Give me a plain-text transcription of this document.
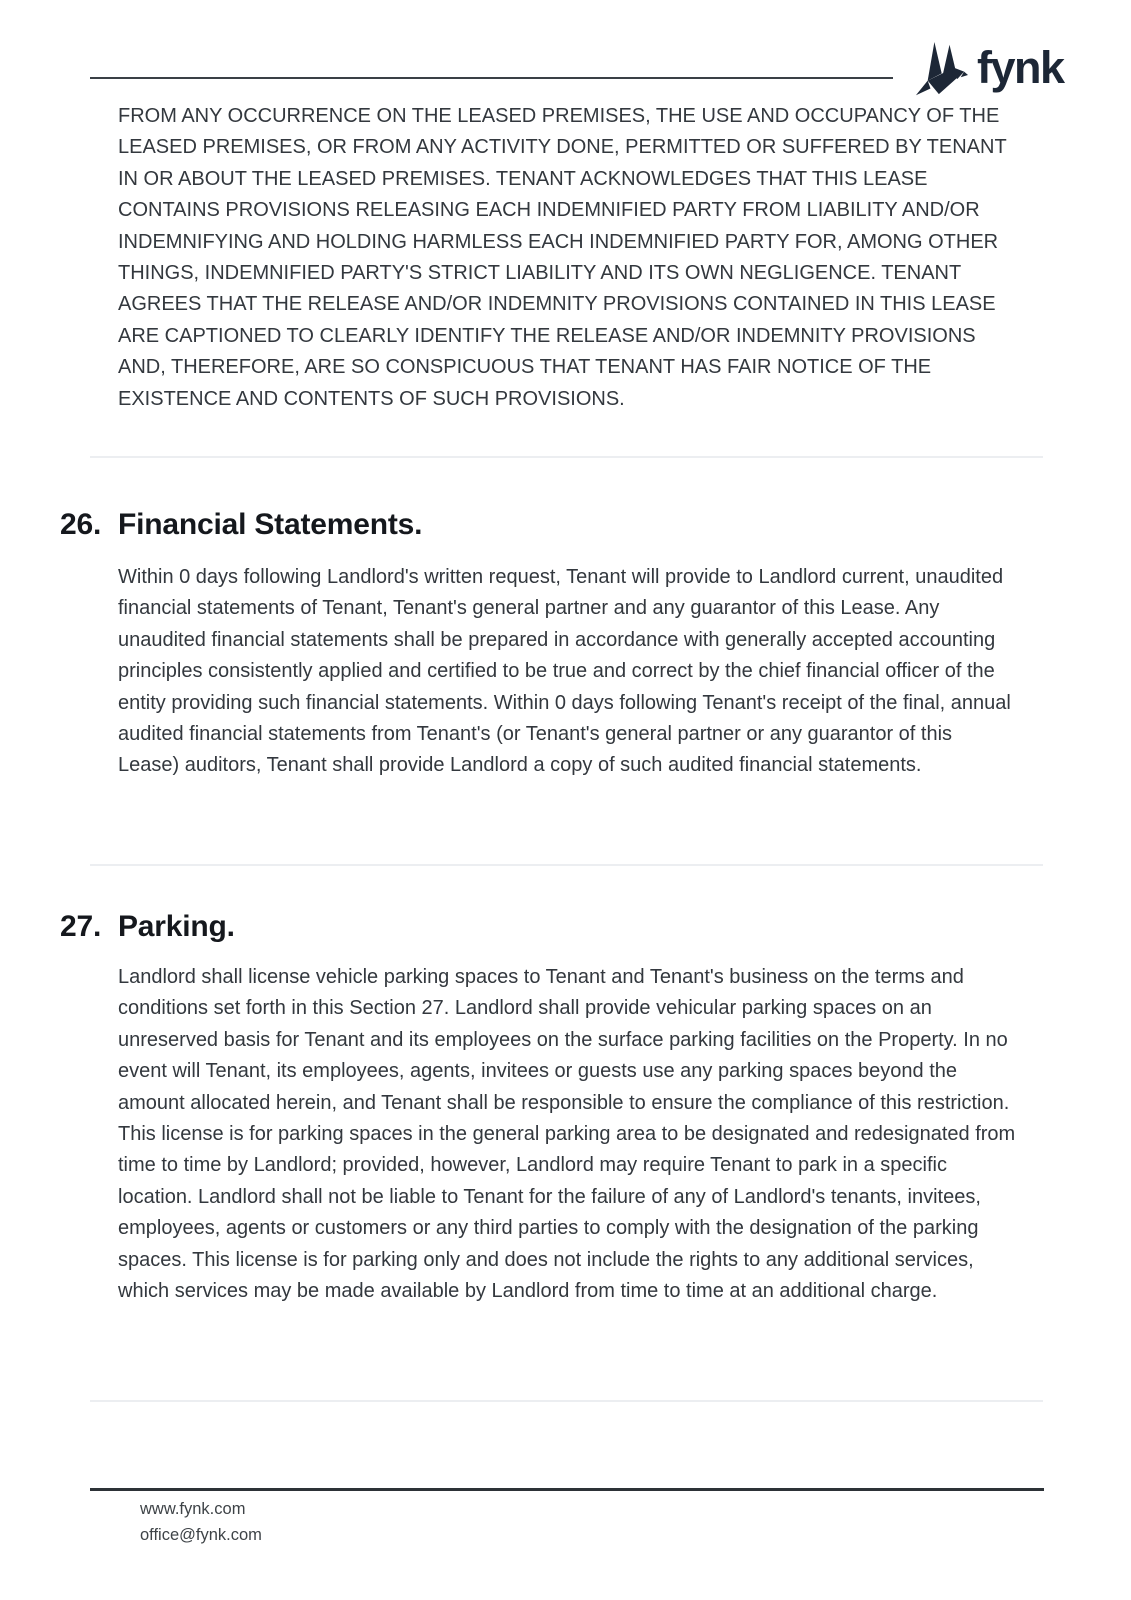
fynk

FROM ANY OCCURRENCE ON THE LEASED PREMISES, THE USE AND OCCUPANCY OF THE LEASED PREMISES, OR FROM ANY ACTIVITY DONE, PERMITTED OR SUFFERED BY TENANT IN OR ABOUT THE LEASED PREMISES. TENANT ACKNOWLEDGES THAT THIS LEASE CONTAINS PROVISIONS RELEASING EACH INDEMNIFIED PARTY FROM LIABILITY AND/OR INDEMNIFYING AND HOLDING HARMLESS EACH INDEMNIFIED PARTY FOR, AMONG OTHER THINGS, INDEMNIFIED PARTY'S STRICT LIABILITY AND ITS OWN NEGLIGENCE. TENANT AGREES THAT THE RELEASE AND/OR INDEMNITY PROVISIONS CONTAINED IN THIS LEASE ARE CAPTIONED TO CLEARLY IDENTIFY THE RELEASE AND/OR INDEMNITY PROVISIONS AND, THEREFORE, ARE SO CONSPICUOUS THAT TENANT HAS FAIR NOTICE OF THE EXISTENCE AND CONTENTS OF SUCH PROVISIONS.

26. Financial Statements.

Within 0 days following Landlord's written request, Tenant will provide to Landlord current, unaudited financial statements of Tenant, Tenant's general partner and any guarantor of this Lease. Any unaudited financial statements shall be prepared in accordance with generally accepted accounting principles consistently applied and certified to be true and correct by the chief financial officer of the entity providing such financial statements. Within 0 days following Tenant's receipt of the final, annual audited financial statements from Tenant's (or Tenant's general partner or any guarantor of this Lease) auditors, Tenant shall provide Landlord a copy of such audited financial statements.

27. Parking.

Landlord shall license vehicle parking spaces to Tenant and Tenant's business on the terms and conditions set forth in this Section 27. Landlord shall provide vehicular parking spaces on an unreserved basis for Tenant and its employees on the surface parking facilities on the Property. In no event will Tenant, its employees, agents, invitees or guests use any parking spaces beyond the amount allocated herein, and Tenant shall be responsible to ensure the compliance of this restriction. This license is for parking spaces in the general parking area to be designated and redesignated from time to time by Landlord; provided, however, Landlord may require Tenant to park in a specific location. Landlord shall not be liable to Tenant for the failure of any of Landlord's tenants, invitees, employees, agents or customers or any third parties to comply with the designation of the parking spaces. This license is for parking only and does not include the rights to any additional services, which services may be made available by Landlord from time to time at an additional charge.

www.fynk.com
office@fynk.com
